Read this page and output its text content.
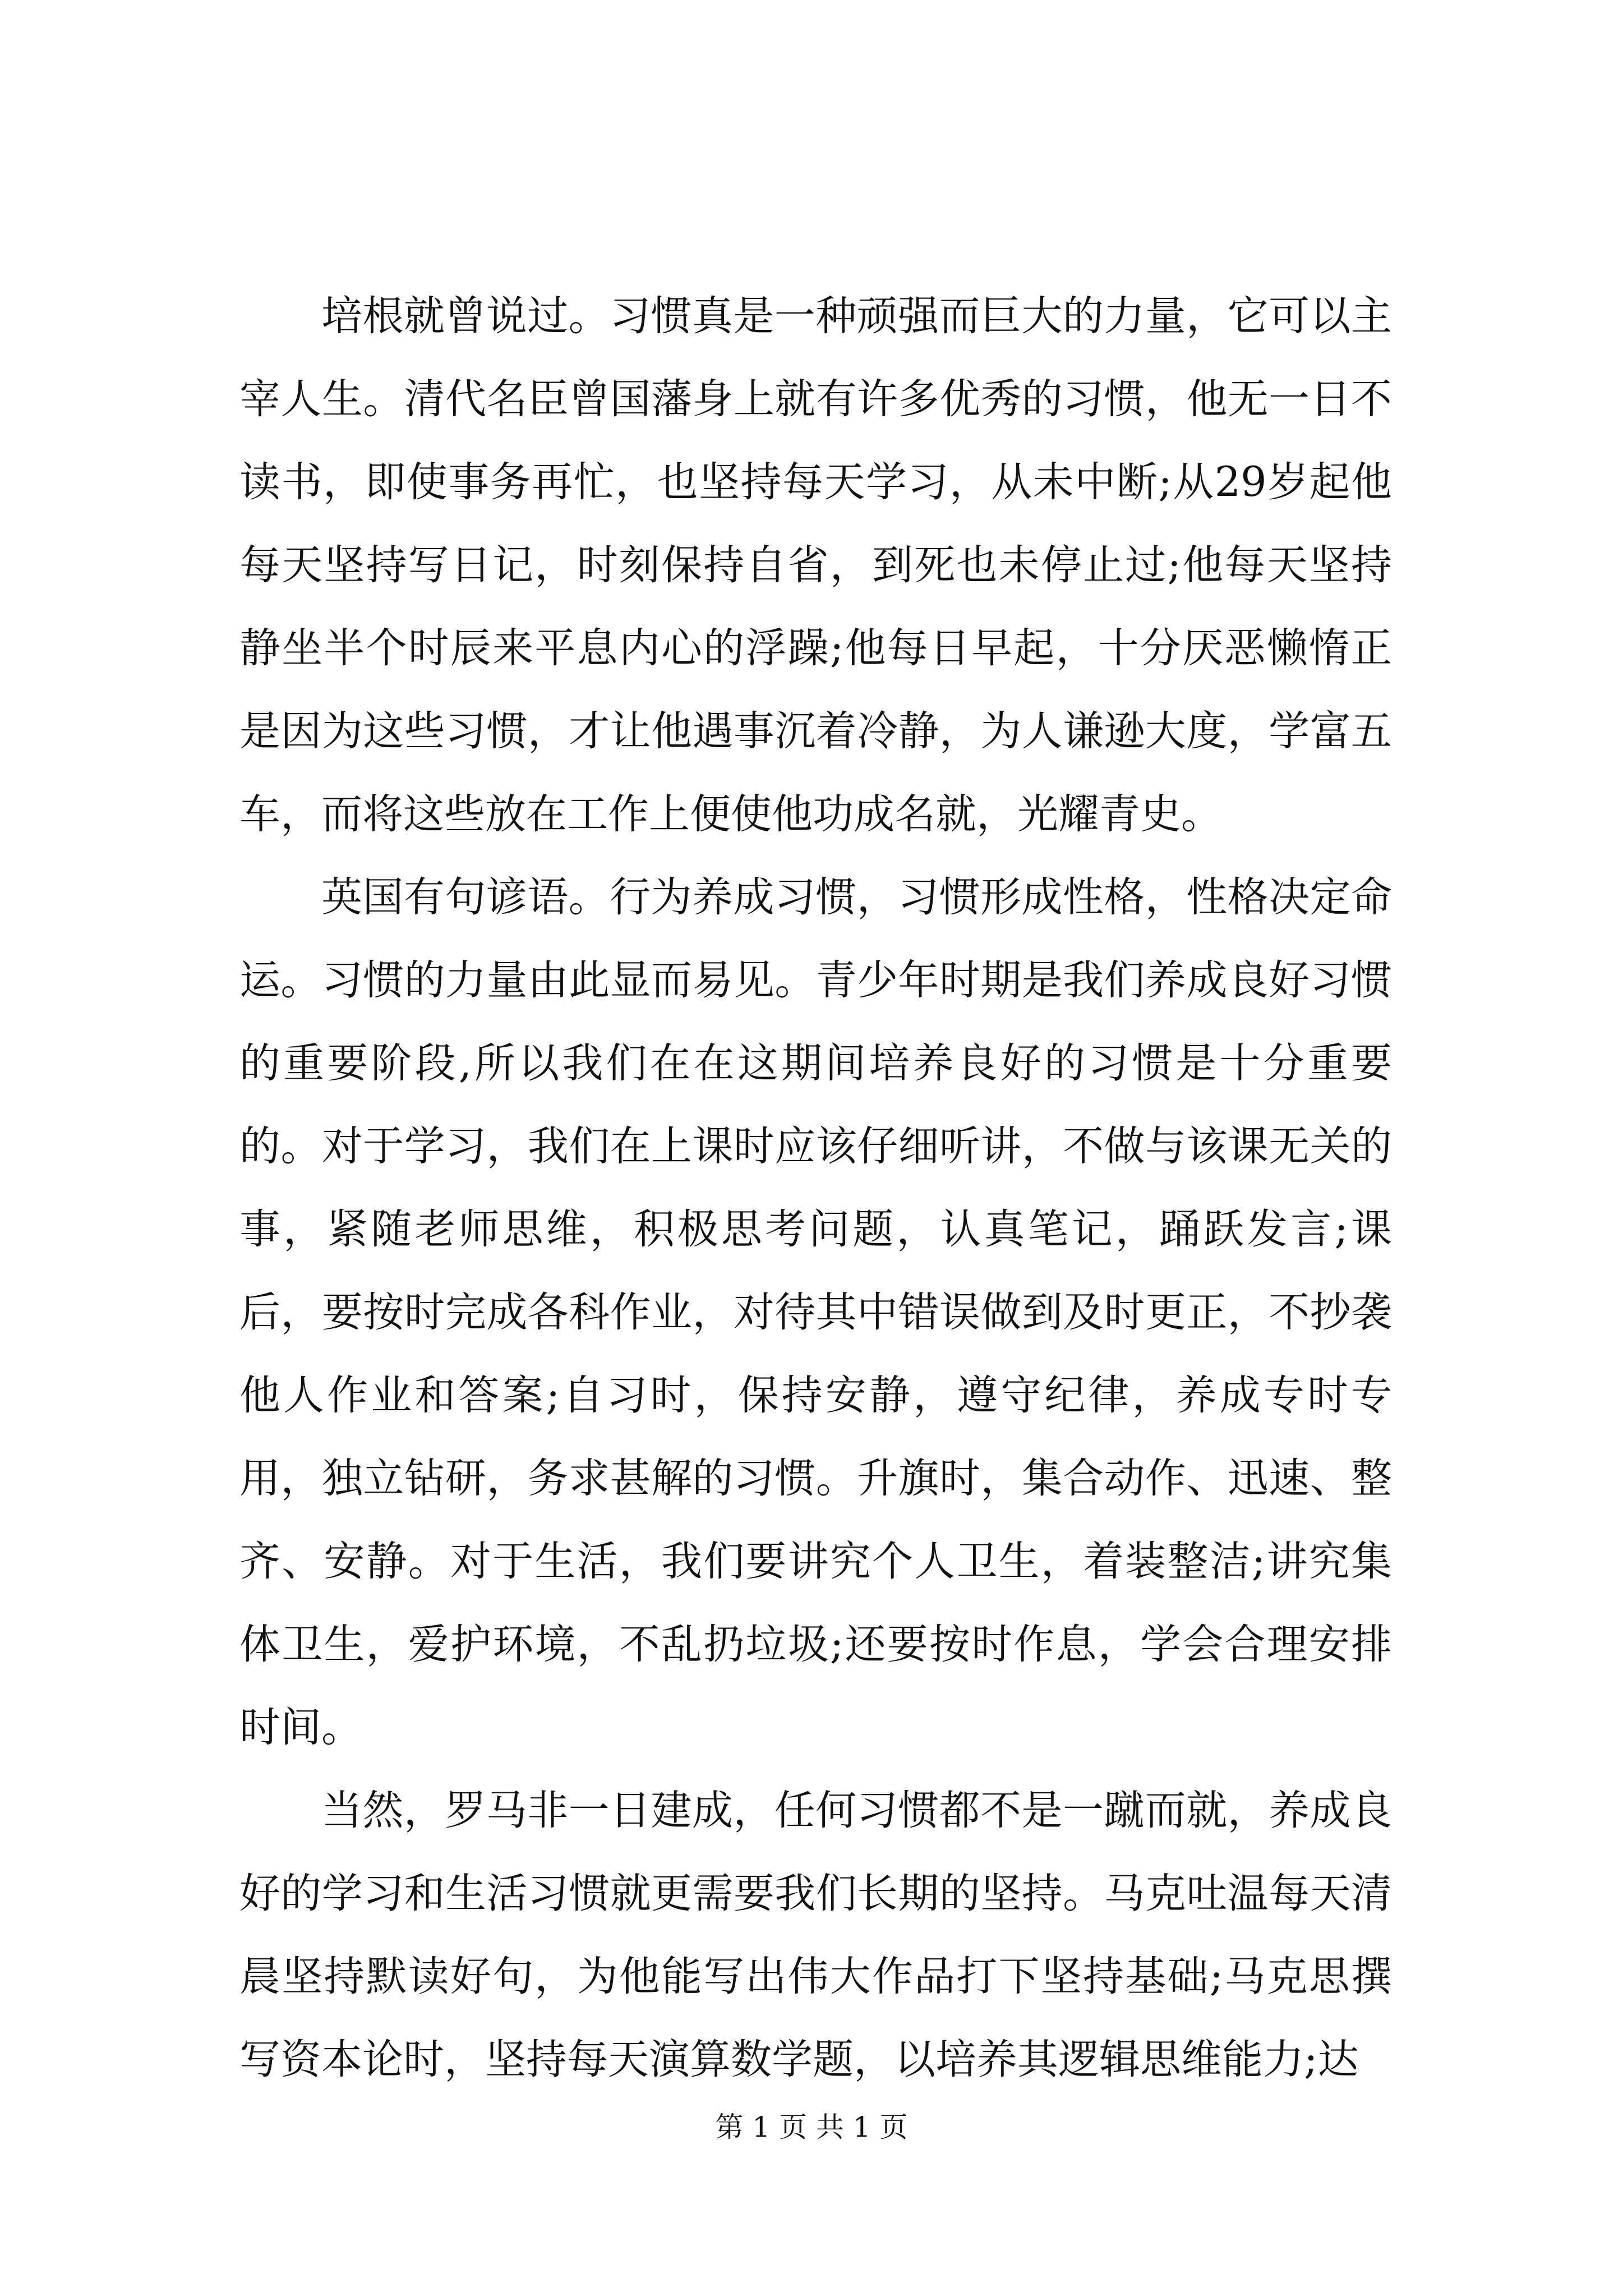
培根就曾说过。习惯真是一种顽强而巨大的力量，它可以主宰人生。清代名臣曾国藩身上就有许多优秀的习惯，他无一日不读书，即使事务再忙，也坚持每天学习，从未中断;从29岁起他每天坚持写日记，时刻保持自省，到死也未停止过;他每天坚持静坐半个时辰来平息内心的浮躁;他每日早起，十分厌恶懒惰正是因为这些习惯，才让他遇事沉着冷静，为人谦逊大度，学富五车，而将这些放在工作上便使他功成名就，光耀青史。

英国有句谚语。行为养成习惯，习惯形成性格，性格决定命运。习惯的力量由此显而易见。青少年时期是我们养成良好习惯的重要阶段,所以我们在在这期间培养良好的习惯是十分重要的。对于学习，我们在上课时应该仔细听讲，不做与该课无关的事，紧随老师思维，积极思考问题，认真笔记，踊跃发言;课后，要按时完成各科作业，对待其中错误做到及时更正，不抄袭他人作业和答案;自习时，保持安静，遵守纪律，养成专时专用，独立钻研，务求甚解的习惯。升旗时，集合动作、迅速、整齐、安静。对于生活，我们要讲究个人卫生，着装整洁;讲究集体卫生，爱护环境，不乱扔垃圾;还要按时作息，学会合理安排时间。

当然，罗马非一日建成，任何习惯都不是一蹴而就，养成良好的学习和生活习惯就更需要我们长期的坚持。马克吐温每天清晨坚持默读好句，为他能写出伟大作品打下坚持基础;马克思撰写资本论时，坚持每天演算数学题，以培养其逻辑思维能力;达

第 1 页 共 1 页
